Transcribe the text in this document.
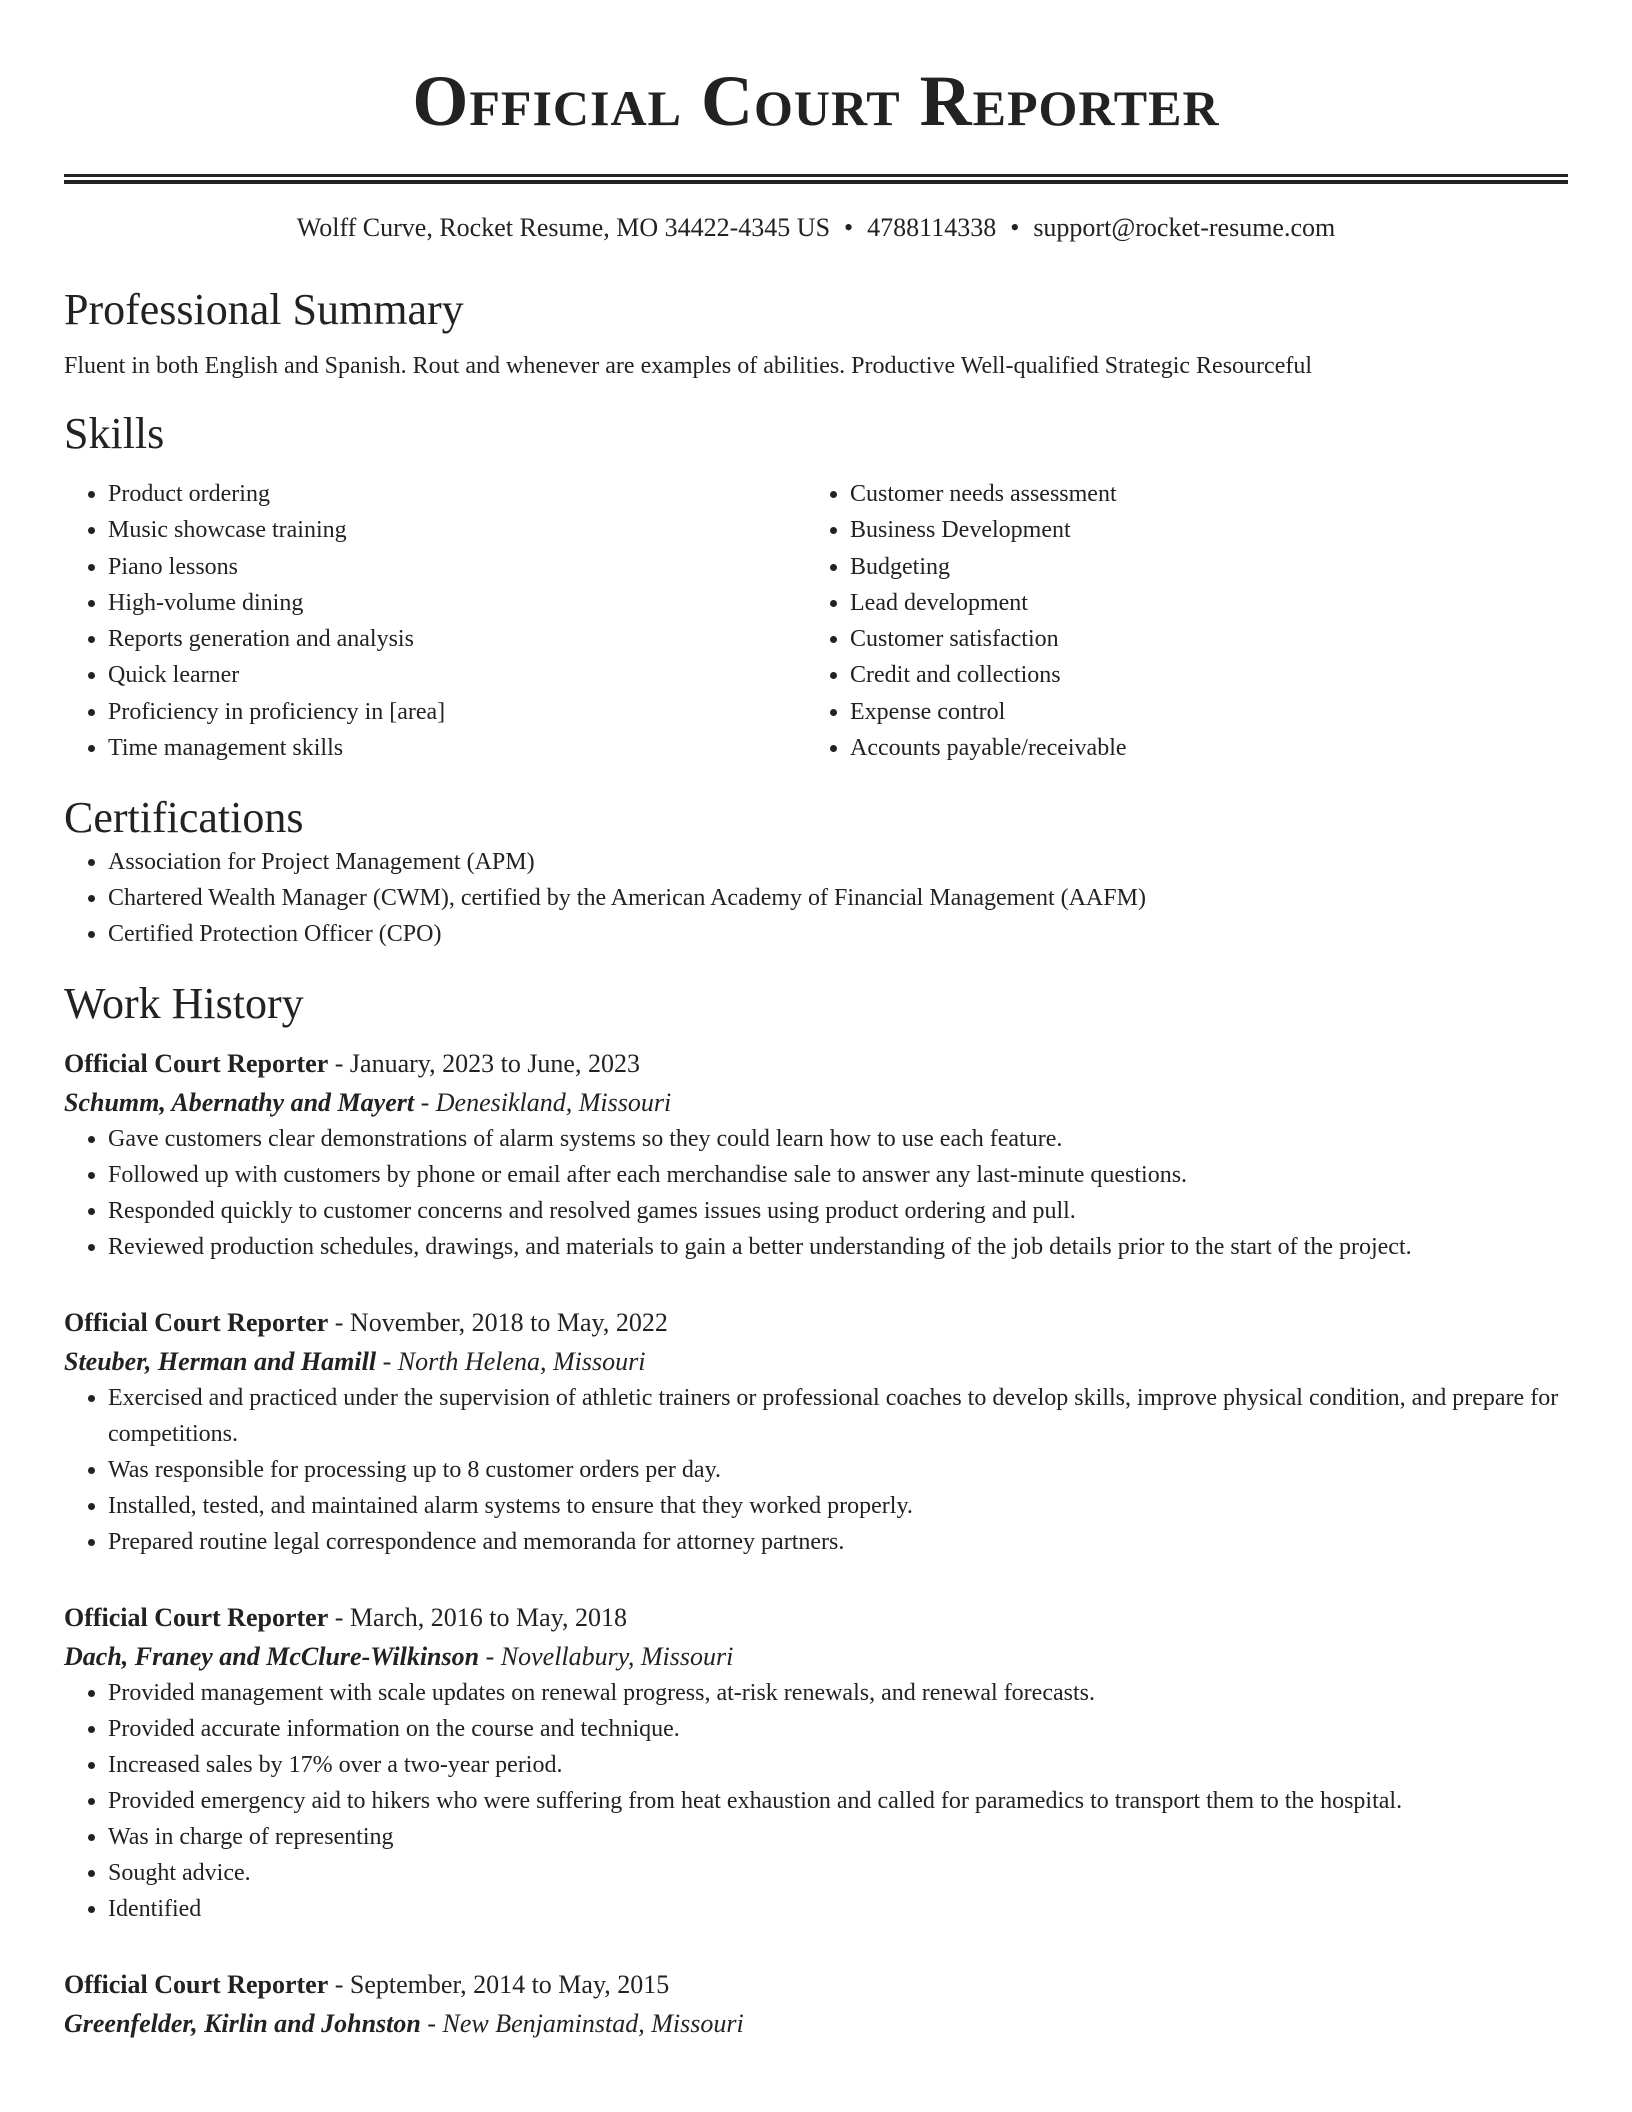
Official Court Reporter
Wolff Curve, Rocket Resume, MO 34422-4345 US • 4788114338 • support@rocket-resume.com
Professional Summary
Fluent in both English and Spanish. Rout and whenever are examples of abilities. Productive Well-qualified Strategic Resourceful
Skills
• Product ordering
• Music showcase training
• Piano lessons
• High-volume dining
• Reports generation and analysis
• Quick learner
• Proficiency in proficiency in [area]
• Time management skills
• Customer needs assessment
• Business Development
• Budgeting
• Lead development
• Customer satisfaction
• Credit and collections
• Expense control
• Accounts payable/receivable
Certifications
• Association for Project Management (APM)
• Chartered Wealth Manager (CWM), certified by the American Academy of Financial Management (AAFM)
• Certified Protection Officer (CPO)
Work History
Official Court Reporter - January, 2023 to June, 2023
Schumm, Abernathy and Mayert - Denesikland, Missouri
• Gave customers clear demonstrations of alarm systems so they could learn how to use each feature.
• Followed up with customers by phone or email after each merchandise sale to answer any last-minute questions.
• Responded quickly to customer concerns and resolved games issues using product ordering and pull.
• Reviewed production schedules, drawings, and materials to gain a better understanding of the job details prior to the start of the project.
Official Court Reporter - November, 2018 to May, 2022
Steuber, Herman and Hamill - North Helena, Missouri
• Exercised and practiced under the supervision of athletic trainers or professional coaches to develop skills, improve physical condition, and prepare for competitions.
• Was responsible for processing up to 8 customer orders per day.
• Installed, tested, and maintained alarm systems to ensure that they worked properly.
• Prepared routine legal correspondence and memoranda for attorney partners.
Official Court Reporter - March, 2016 to May, 2018
Dach, Franey and McClure-Wilkinson - Novellabury, Missouri
• Provided management with scale updates on renewal progress, at-risk renewals, and renewal forecasts.
• Provided accurate information on the course and technique.
• Increased sales by 17% over a two-year period.
• Provided emergency aid to hikers who were suffering from heat exhaustion and called for paramedics to transport them to the hospital.
• Was in charge of representing
• Sought advice.
• Identified
Official Court Reporter - September, 2014 to May, 2015
Greenfelder, Kirlin and Johnston - New Benjaminstad, Missouri
